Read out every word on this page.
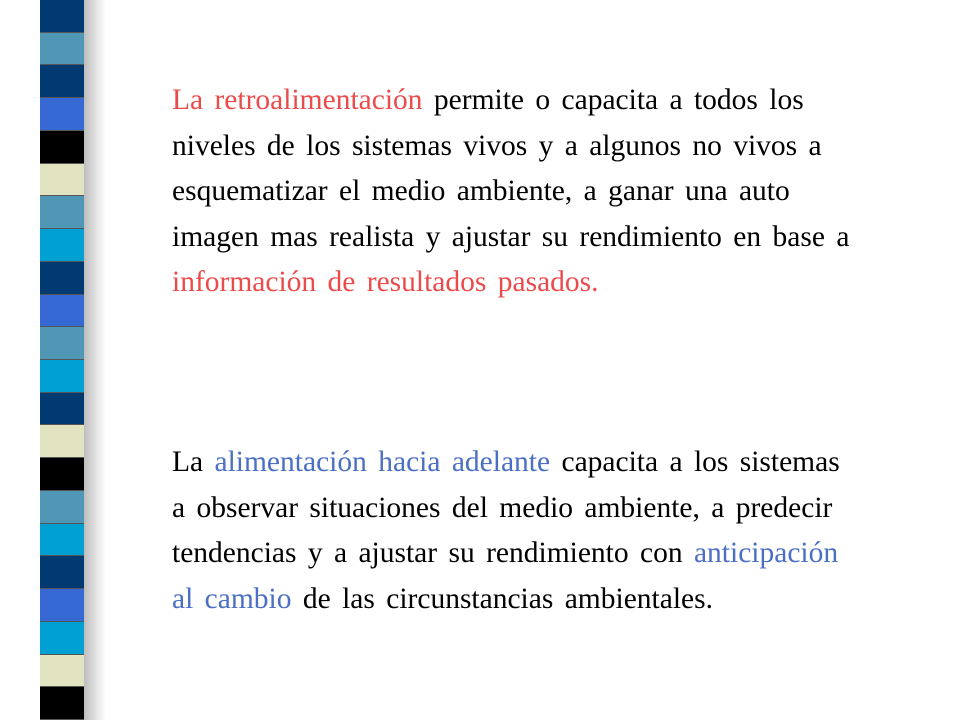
La retroalimentación permite o capacita a todos los niveles de los sistemas vivos y a algunos no vivos a esquematizar el medio ambiente, a ganar una auto imagen mas realista y ajustar su rendimiento en base a información de resultados pasados.
La alimentación hacia adelante capacita a los sistemas a observar situaciones del medio ambiente, a predecir tendencias y a ajustar su rendimiento con anticipación al cambio de las circunstancias ambientales.
